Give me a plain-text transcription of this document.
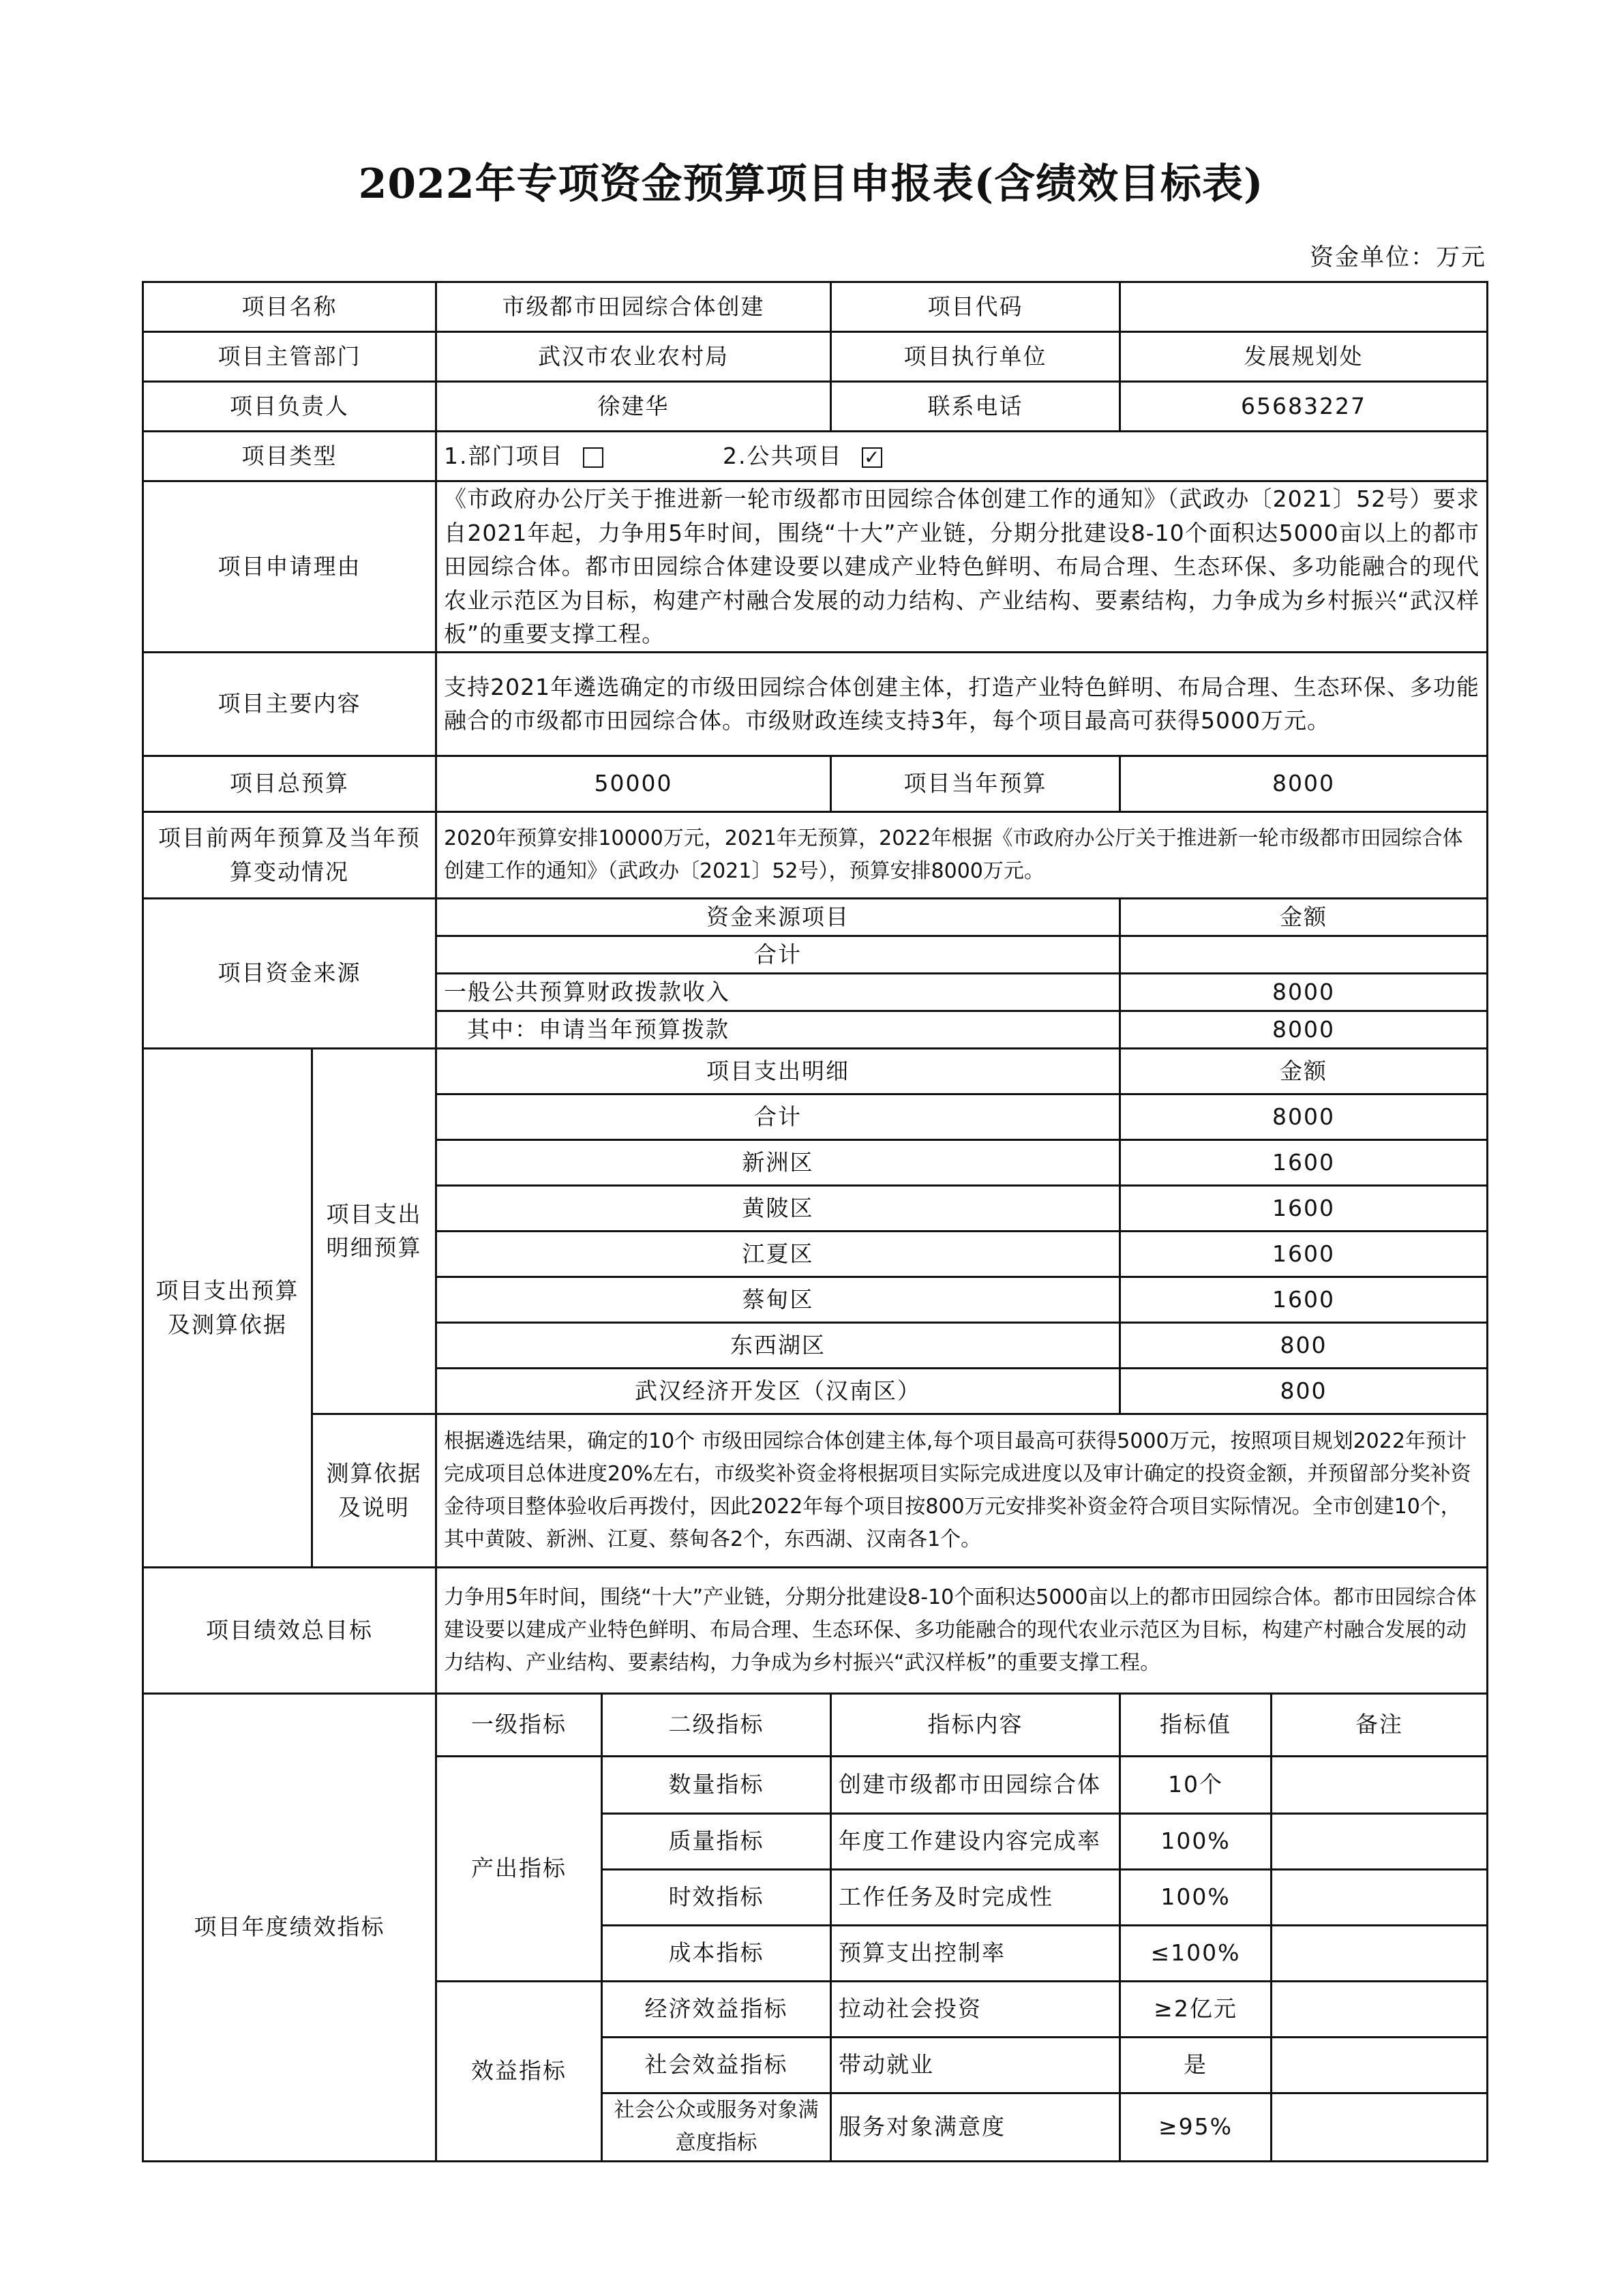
2022年专项资金预算项目申报表(含绩效目标表)
资金单位：万元
项目名称		市级都市田园综合体创建		项目代码		
项目主管部门		武汉市农业农村局		项目执行单位	发展规划处	
项目负责人		徐建华		联系电话	65683227	
项目类型		1.部门项目 2.公共项目 ✓
项目申请理由		《市政府办公厅关于推进新一轮市级都市田园综合体创建工作的通知》（武政办〔2021〕52号）要求自2021年起，力争用5年时间，围绕“十大”产业链，分期分批建设8-10个面积达5000亩以上的都市田园综合体。都市田园综合体建设要以建成产业特色鲜明、布局合理、生态环保、多功能融合的现代农业示范区为目标，构建产村融合发展的动力结构、产业结构、要素结构，力争成为乡村振兴“武汉样板”的重要支撑工程。				
项目主要内容		支持2021年遴选确定的市级田园综合体创建主体，打造产业特色鲜明、布局合理、生态环保、多功能融合的市级都市田园综合体。市级财政连续支持3年，每个项目最高可获得5000万元。				
项目总预算		50000		项目当年预算	8000	
项目前两年预算及当年预算变动情况		2020年预算安排10000万元，2021年无预算，2022年根据《市政府办公厅关于推进新一轮市级都市田园综合体创建工作的通知》（武政办〔2021〕52号），预算安排8000万元。				
项目资金来源		资金来源项目			金额	
		合计				
		一般公共预算财政拨款收入			8000	
		其中：申请当年预算拨款			8000	
项目支出预算及测算依据	项目支出明细预算	项目支出明细			金额	
		合计			8000	
		新洲区			1600	
		黄陂区			1600	
		江夏区			1600	
		蔡甸区			1600	
		东西湖区			800	
		武汉经济开发区（汉南区）			800	
	测算依据及说明	根据遴选结果，确定的10个 市级田园综合体创建主体,每个项目最高可获得5000万元，按照项目规划2022年预计完成项目总体进度20%左右，市级奖补资金将根据项目实际完成进度以及审计确定的投资金额，并预留部分奖补资金待项目整体验收后再拨付，因此2022年每个项目按800万元安排奖补资金符合项目实际情况。全市创建10个，其中黄陂、新洲、江夏、蔡甸各2个，东西湖、汉南各1个。				
项目绩效总目标		力争用5年时间，围绕“十大”产业链，分期分批建设8-10个面积达5000亩以上的都市田园综合体。都市田园综合体建设要以建成产业特色鲜明、布局合理、生态环保、多功能融合的现代农业示范区为目标，构建产村融合发展的动力结构、产业结构、要素结构，力争成为乡村振兴“武汉样板”的重要支撑工程。				
项目年度绩效指标		一级指标	二级指标	指标内容	指标值	备注
		产出指标	数量指标	创建市级都市田园综合体	10个	
			质量指标	年度工作建设内容完成率	100%	
			时效指标	工作任务及时完成性	100%	
			成本指标	预算支出控制率	≤100%	
		效益指标	经济效益指标	拉动社会投资	≥2亿元	
			社会效益指标	带动就业	是	
			社会公众或服务对象满意度指标	服务对象满意度	≥95%	
